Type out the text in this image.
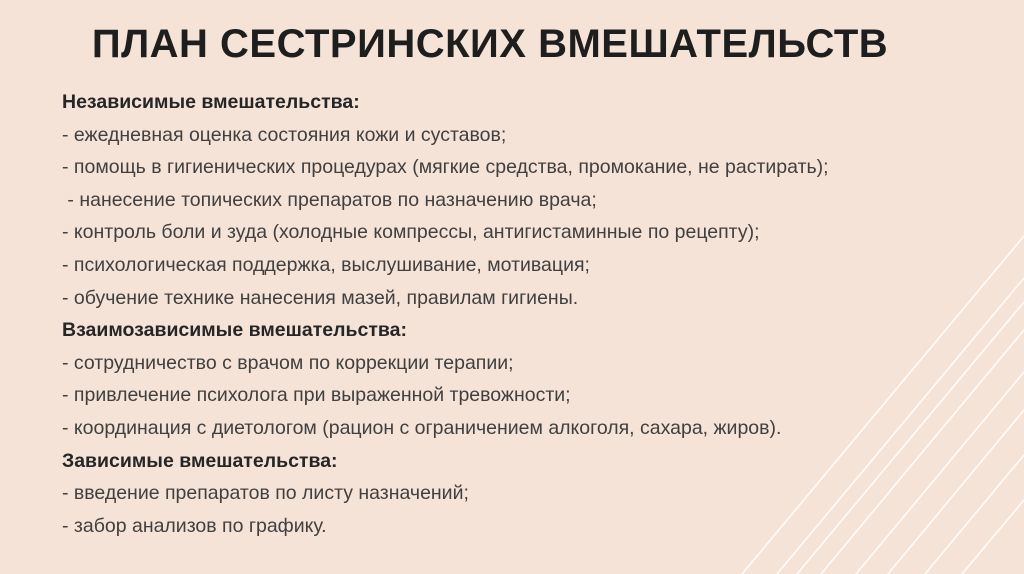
ПЛАН СЕСТРИНСКИХ ВМЕШАТЕЛЬСТВ
Независимые вмешательства:
- ежедневная оценка состояния кожи и суставов;
- помощь в гигиенических процедурах (мягкие средства, промокание, не растирать);
- нанесение топических препаратов по назначению врача;
- контроль боли и зуда (холодные компрессы, антигистаминные по рецепту);
- психологическая поддержка, выслушивание, мотивация;
- обучение технике нанесения мазей, правилам гигиены.
Взаимозависимые вмешательства:
- сотрудничество с врачом по коррекции терапии;
- привлечение психолога при выраженной тревожности;
- координация с диетологом (рацион с ограничением алкоголя, сахара, жиров).
Зависимые вмешательства:
- введение препаратов по листу назначений;
- забор анализов по графику.
